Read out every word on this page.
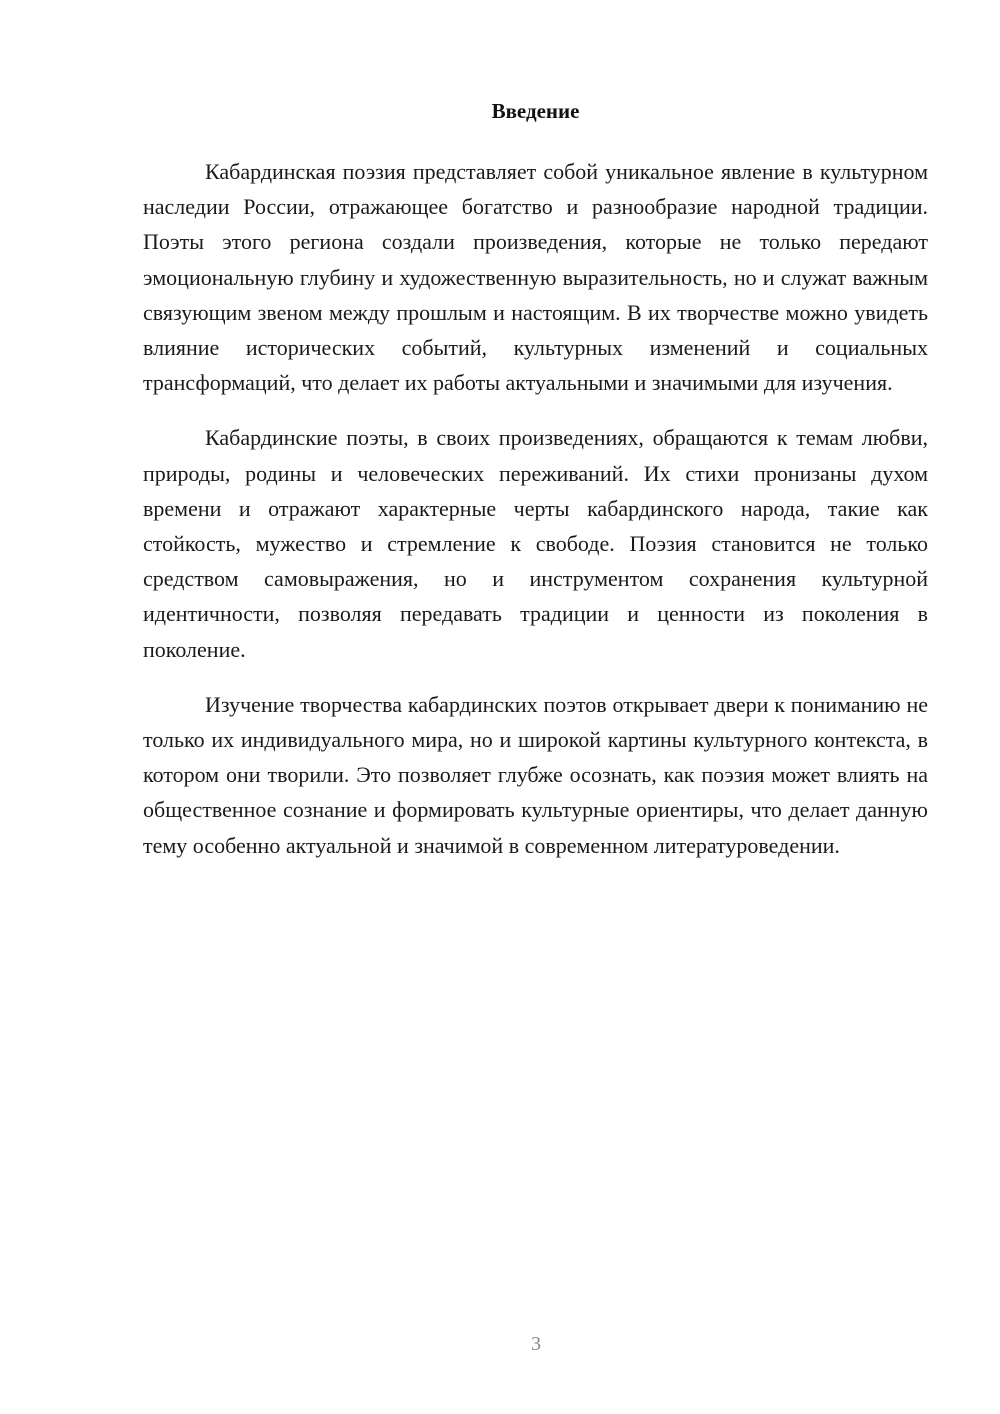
Введение

Кабардинская поэзия представляет собой уникальное явление в культурном наследии России, отражающее богатство и разнообразие народной традиции. Поэты этого региона создали произведения, которые не только передают эмоциональную глубину и художественную выразительность, но и служат важным связующим звеном между прошлым и настоящим. В их творчестве можно увидеть влияние исторических событий, культурных изменений и социальных трансформаций, что делает их работы актуальными и значимыми для изучения.

Кабардинские поэты, в своих произведениях, обращаются к темам любви, природы, родины и человеческих переживаний. Их стихи пронизаны духом времени и отражают характерные черты кабардинского народа, такие как стойкость, мужество и стремление к свободе. Поэзия становится не только средством самовыражения, но и инструментом сохранения культурной идентичности, позволяя передавать традиции и ценности из поколения в поколение.

Изучение творчества кабардинских поэтов открывает двери к пониманию не только их индивидуального мира, но и широкой картины культурного контекста, в котором они творили. Это позволяет глубже осознать, как поэзия может влиять на общественное сознание и формировать культурные ориентиры, что делает данную тему особенно актуальной и значимой в современном литературоведении.

3
